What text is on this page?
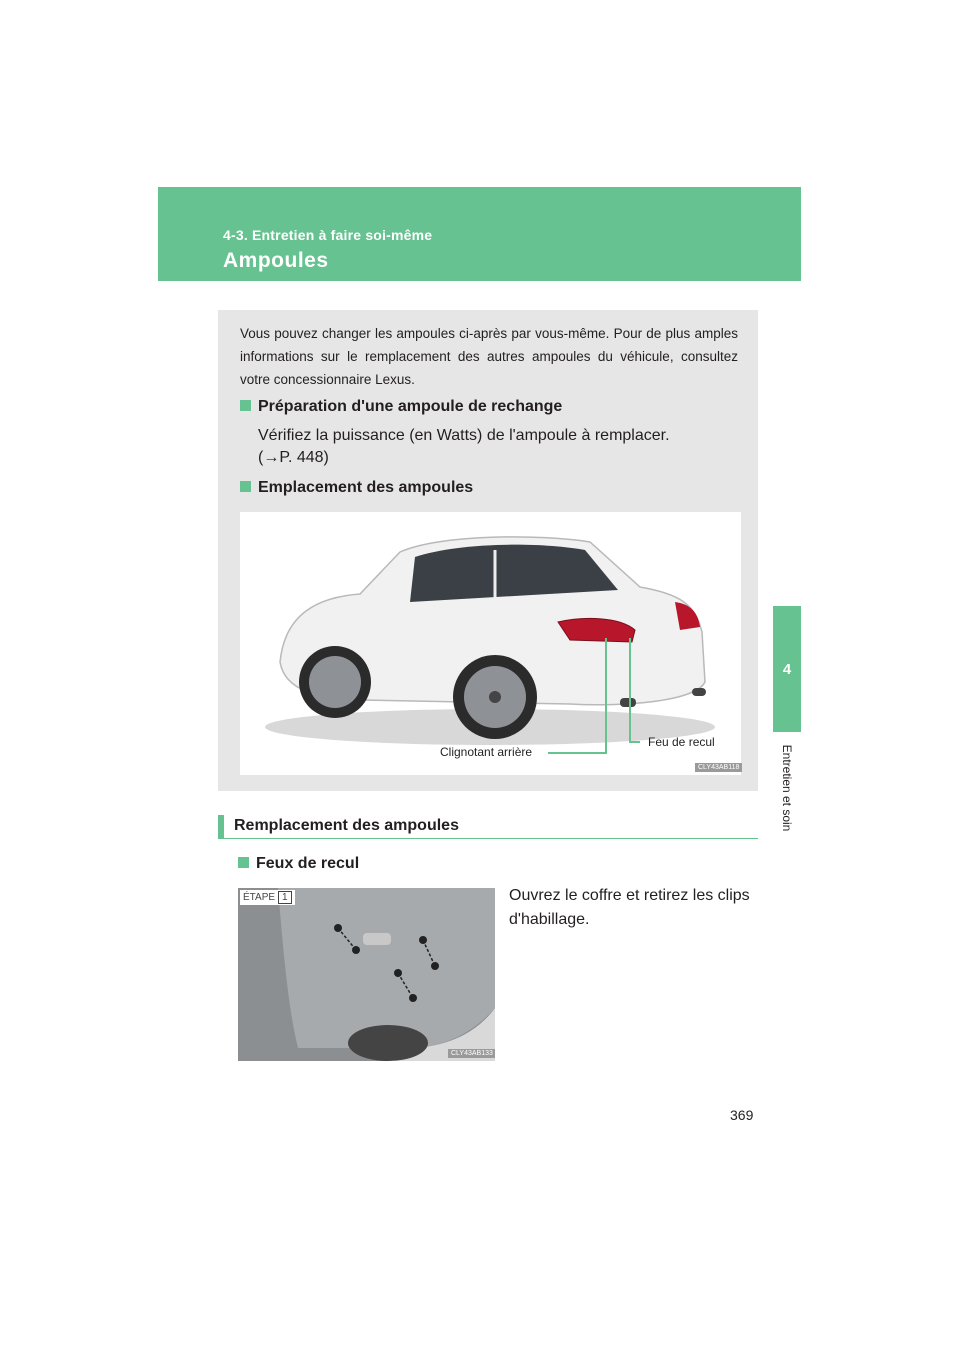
4-3. Entretien à faire soi-même
Ampoules
4
Entretien et soin

Vous pouvez changer les ampoules ci-après par vous-même. Pour de plus amples informations sur le remplacement des autres ampoules du véhicule, consultez votre concessionnaire Lexus.

Préparation d'une ampoule de rechange
Vérifiez la puissance (en Watts) de l'ampoule à remplacer.
(→P. 448)
Emplacement des ampoules
Clignotant arrière
Feu de recul
CLY43AB118
Remplacement des ampoules
Feux de recul
ÉTAPE 1
CLY43AB133
Ouvrez le coffre et retirez les clips d'habillage.
369
